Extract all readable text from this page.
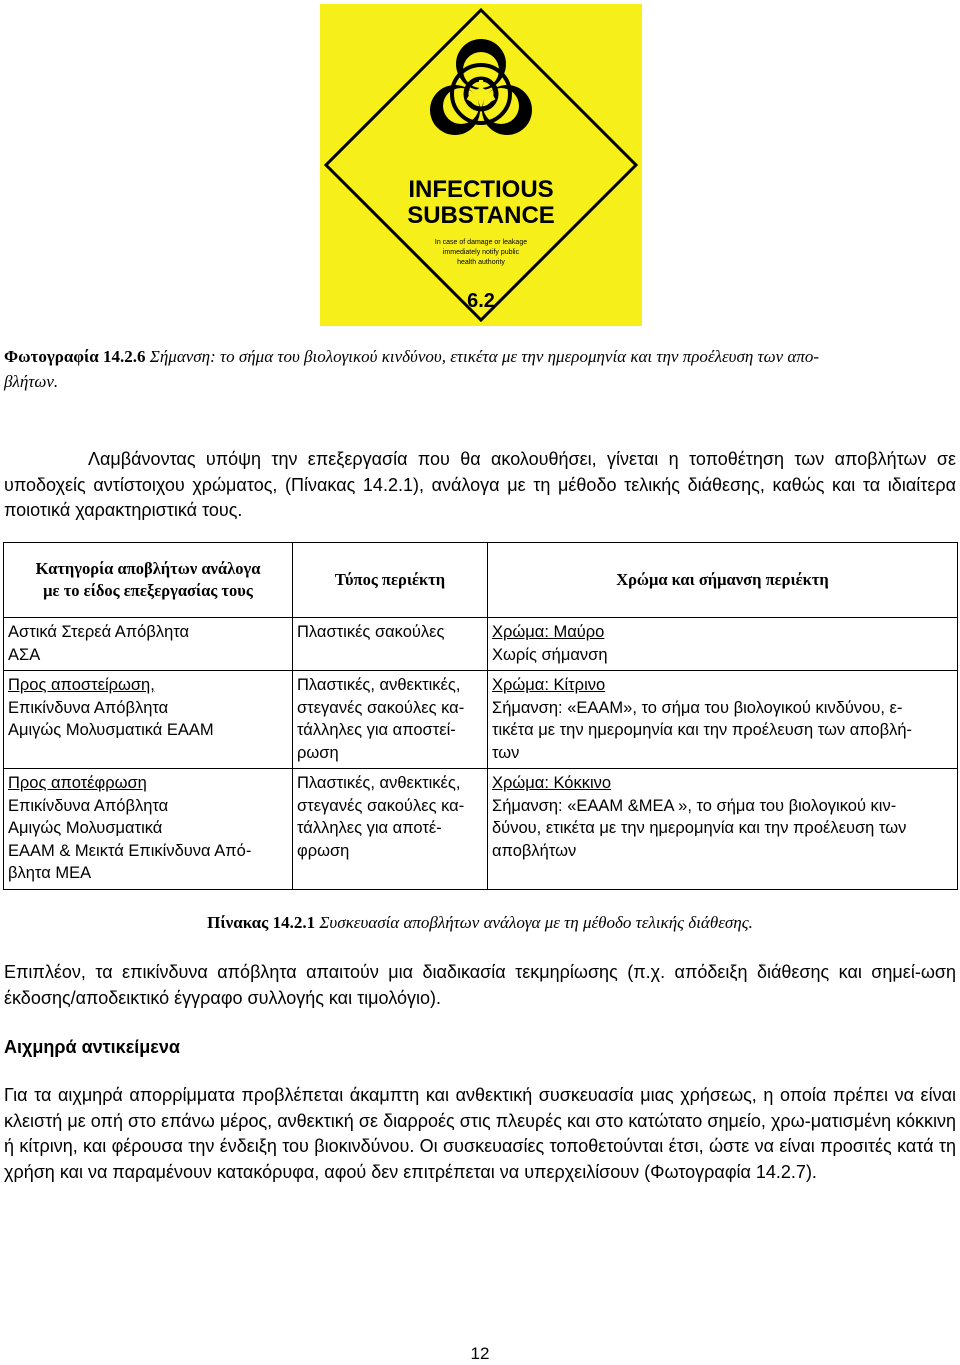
INFECTIOUS
SUBSTANCE
In case of damage or leakage
immediately notify public
health authority
6.2
Φωτογραφία 14.2.6 Σήμανση: το σήμα του βιολογικού κινδύνου, ετικέτα με την ημερομηνία και την προέλευση των απο-
βλήτων.
Λαμβάνοντας υπόψη την επεξεργασία που θα ακολουθήσει, γίνεται η τοποθέτηση των αποβλήτων σε υποδοχείς αντίστοιχου χρώματος, (Πίνακας 14.2.1), ανάλογα με τη μέθοδο τελικής διάθεσης, καθώς και τα ιδιαίτερα ποιοτικά χαρακτηριστικά τους.
Κατηγορία αποβλήτων ανάλογα
με το είδος επεξεργασίας τους	Τύπος περιέκτη	Χρώμα και σήμανση περιέκτη

Αστικά Στερεά Απόβλητα
ΑΣΑ	Πλαστικές σακούλες	Χρώμα: Μαύρο
Χωρίς σήμανση

Προς αποστείρωση,
Επικίνδυνα Απόβλητα
Αμιγώς Μολυσματικά ΕΑΑΜ	Πλαστικές, ανθεκτικές,
στεγανές σακούλες κα-
τάλληλες για αποστεί-
ρωση	Χρώμα: Κίτρινο
Σήμανση: «ΕΑΑΜ», το σήμα του βιολογικού κινδύνου, ε-
τικέτα με την ημερομηνία και την προέλευση των αποβλή-
των

Προς αποτέφρωση
Επικίνδυνα Απόβλητα
Αμιγώς Μολυσματικά
ΕΑΑΜ & Μεικτά Επικίνδυνα Από-
βλητα ΜΕΑ	Πλαστικές, ανθεκτικές,
στεγανές σακούλες κα-
τάλληλες για αποτέ-
φρωση	Χρώμα: Κόκκινο
Σήμανση: «ΕΑΑΜ &ΜΕΑ », το σήμα του βιολογικού κιν-
δύνου, ετικέτα με την ημερομηνία και την προέλευση των
αποβλήτων
Πίνακας 14.2.1 Συσκευασία αποβλήτων ανάλογα με τη μέθοδο τελικής διάθεσης.
Επιπλέον, τα επικίνδυνα απόβλητα απαιτούν μια διαδικασία τεκμηρίωσης (π.χ. απόδειξη διάθεσης και σημεί-ωση έκδοσης/αποδεικτικό έγγραφο συλλογής και τιμολόγιο).
Αιχμηρά αντικείμενα
Για τα αιχμηρά απορρίμματα προβλέπεται άκαμπτη και ανθεκτική συσκευασία μιας χρήσεως, η οποία πρέπει να είναι κλειστή με οπή στο επάνω μέρος, ανθεκτική σε διαρροές στις πλευρές και στο κατώτατο σημείο, χρω-ματισμένη κόκκινη ή κίτρινη, και φέρουσα την ένδειξη του βιοκινδύνου. Οι συσκευασίες τοποθετούνται έτσι, ώστε να είναι προσιτές κατά τη χρήση και να παραμένουν κατακόρυφα, αφού δεν επιτρέπεται να υπερχειλίσουν (Φωτογραφία 14.2.7).
12
